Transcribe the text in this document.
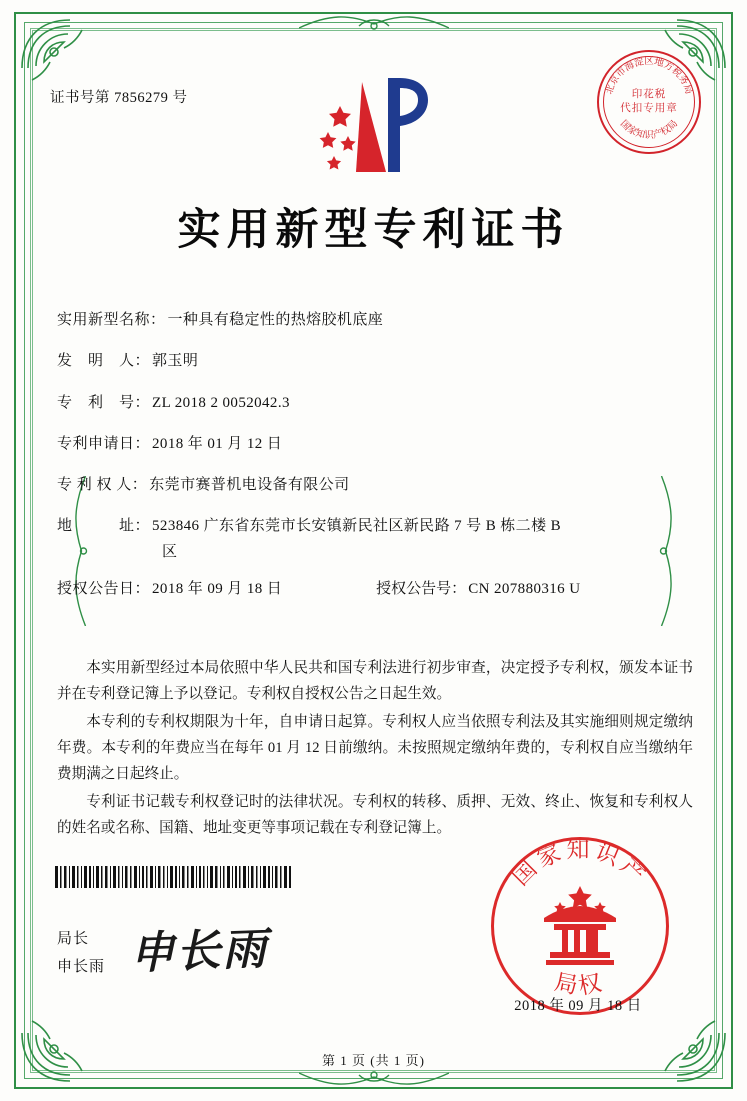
证书号第 7856279 号
北京市海淀区地方税务局
国家知识产权局
印花税
代扣专用章
实用新型专利证书
实用新型名称： 一种具有稳定性的热熔胶机底座
发　明　人： 郭玉明
专　利　号： ZL 2018 2 0052042.3
专利申请日： 2018 年 01 月 12 日
专 利 权 人： 东莞市赛普机电设备有限公司
地　　　址： 523846 广东省东莞市长安镇新民社区新民路 7 号 B 栋二楼 B
区
授权公告日： 2018 年 09 月 18 日	授权公告号： CN 207880316 U

本实用新型经过本局依照中华人民共和国专利法进行初步审查，决定授予专利权，颁发本证书并在专利登记簿上予以登记。专利权自授权公告之日起生效。

本专利的专利权期限为十年，自申请日起算。专利权人应当依照专利法及其实施细则规定缴纳年费。本专利的年费应当在每年 01 月 12 日前缴纳。未按照规定缴纳年费的，专利权自应当缴纳年费期满之日起终止。

专利证书记载专利权登记时的法律状况。专利权的转移、质押、无效、终止、恢复和专利权人的姓名或名称、国籍、地址变更等事项记载在专利登记簿上。

局长
申长雨 申长雨
国家知识产
局权
2018 年 09 月 18 日
第 1 页 (共 1 页)
